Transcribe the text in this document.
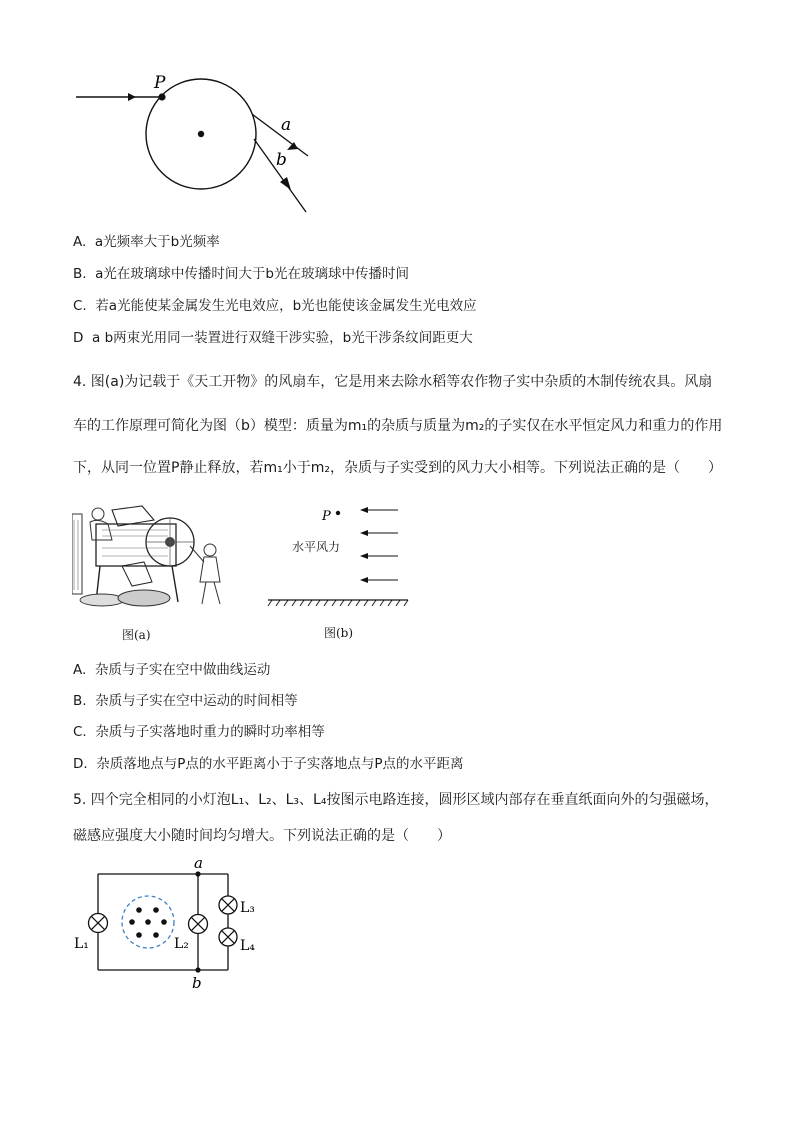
P
a
b
A. a光频率大于b光频率
B. a光在玻璃球中传播时间大于b光在玻璃球中传播时间
C. 若a光能使某金属发生光电效应，b光也能使该金属发生光电效应
D a b两束光用同一装置进行双缝干涉实验，b光干涉条纹间距更大
4. 图(a)为记载于《天工开物》的风扇车，它是用来去除水稻等农作物子实中杂质的木制传统农具。风扇
车的工作原理可简化为图（b）模型：质量为m₁的杂质与质量为m₂的子实仅在水平恒定风力和重力的作用
下，从同一位置P静止释放，若m₁小于m₂，杂质与子实受到的风力大小相等。下列说法正确的是（　　）
图(a)
P
水平风力
图(b)
A. 杂质与子实在空中做曲线运动
B. 杂质与子实在空中运动的时间相等
C. 杂质与子实落地时重力的瞬时功率相等
D. 杂质落地点与P点的水平距离小于子实落地点与P点的水平距离
5. 四个完全相同的小灯泡L₁、L₂、L₃、L₄按图示电路连接，圆形区域内部存在垂直纸面向外的匀强磁场，
磁感应强度大小随时间均匀增大。下列说法正确的是（　　）
a
b
L₁	L₂
L₃
L₄
